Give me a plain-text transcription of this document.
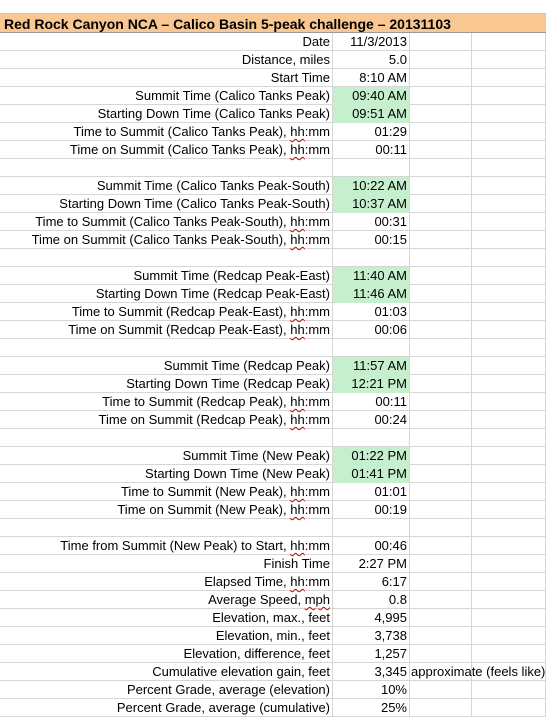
Red Rock Canyon NCA – Calico Basin 5-peak challenge – 20131103
Date	11/3/2013
Distance, miles	5.0
Start Time	8:10 AM
Summit Time (Calico Tanks Peak)	09:40 AM
Starting Down Time (Calico Tanks Peak)	09:51 AM
Time to Summit (Calico Tanks Peak), hh:mm	01:29
Time on Summit (Calico Tanks Peak), hh:mm	00:11
Summit Time (Calico Tanks Peak-South)	10:22 AM
Starting Down Time (Calico Tanks Peak-South)	10:37 AM
Time to Summit (Calico Tanks Peak-South), hh:mm	00:31
Time on Summit (Calico Tanks Peak-South), hh:mm	00:15
Summit Time (Redcap Peak-East)	11:40 AM
Starting Down Time (Redcap Peak-East)	11:46 AM
Time to Summit (Redcap Peak-East), hh:mm	01:03
Time on Summit (Redcap Peak-East), hh:mm	00:06
Summit Time (Redcap Peak)	11:57 AM
Starting Down Time (Redcap Peak)	12:21 PM
Time to Summit (Redcap Peak), hh:mm	00:11
Time on Summit (Redcap Peak), hh:mm	00:24
Summit Time (New Peak)	01:22 PM
Starting Down Time (New Peak)	01:41 PM
Time to Summit (New Peak), hh:mm	01:01
Time on Summit (New Peak), hh:mm	00:19
Time from Summit (New Peak) to Start, hh:mm	00:46
Finish Time	2:27 PM
Elapsed Time, hh:mm	6:17
Average Speed, mph	0.8
Elevation, max., feet	4,995
Elevation, min., feet	3,738
Elevation, difference, feet	1,257
Cumulative elevation gain, feet	3,345 approximate (feels like)
Percent Grade, average (elevation)	10%
Percent Grade, average (cumulative)	25%
